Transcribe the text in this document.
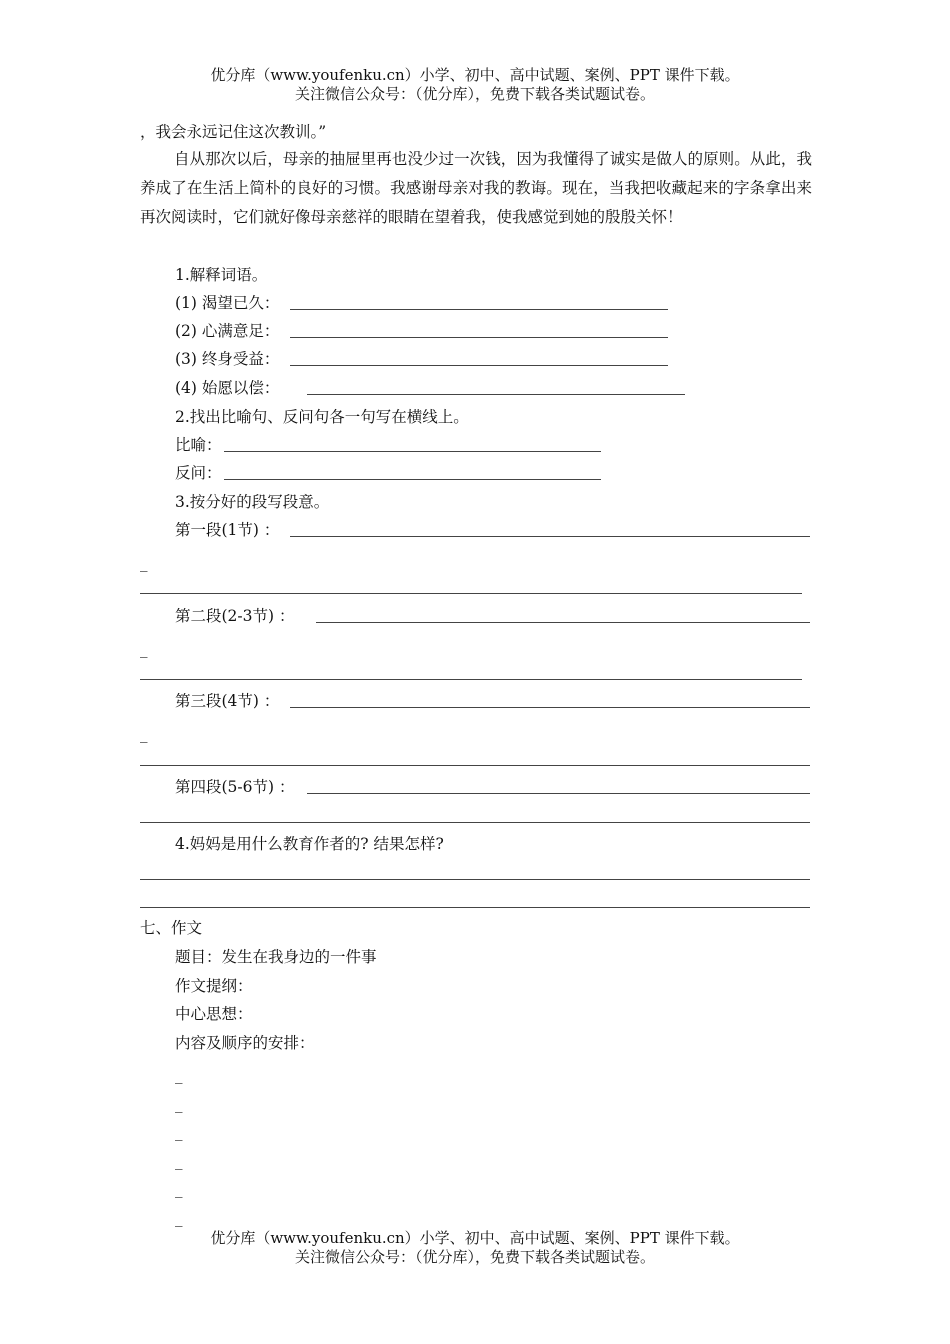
优分库（www.youfenku.cn）小学、初中、高中试题、案例、PPT 课件下载。
关注微信公众号：（优分库），免费下载各类试题试卷。
，我会永远记住这次教训。”
自从那次以后，母亲的抽屉里再也没少过一次钱，因为我懂得了诚实是做人的原则。从此，我养成了在生活上简朴的良好的习惯。我感谢母亲对我的教诲。现在，当我把收藏起来的字条拿出来再次阅读时，它们就好像母亲慈祥的眼睛在望着我，使我感觉到她的殷殷关怀！
1.解释词语。
(1) 渴望已久：
(2) 心满意足：
(3) 终身受益：
(4) 始愿以偿：
2.找出比喻句、反问句各一句写在横线上。
比喻：
反问：
3.按分好的段写段意。
第一段(1节) ：
_
第二段(2-3节) ：
_
第三段(4节) ：
_
第四段(5-6节) ：
4.妈妈是用什么教育作者的? 结果怎样?
七、作文
题目：发生在我身边的一件事
作文提纲：
中心思想：
内容及顺序的安排：
_
_
_
_
_
_
优分库（www.youfenku.cn）小学、初中、高中试题、案例、PPT 课件下载。
关注微信公众号：（优分库），免费下载各类试题试卷。
